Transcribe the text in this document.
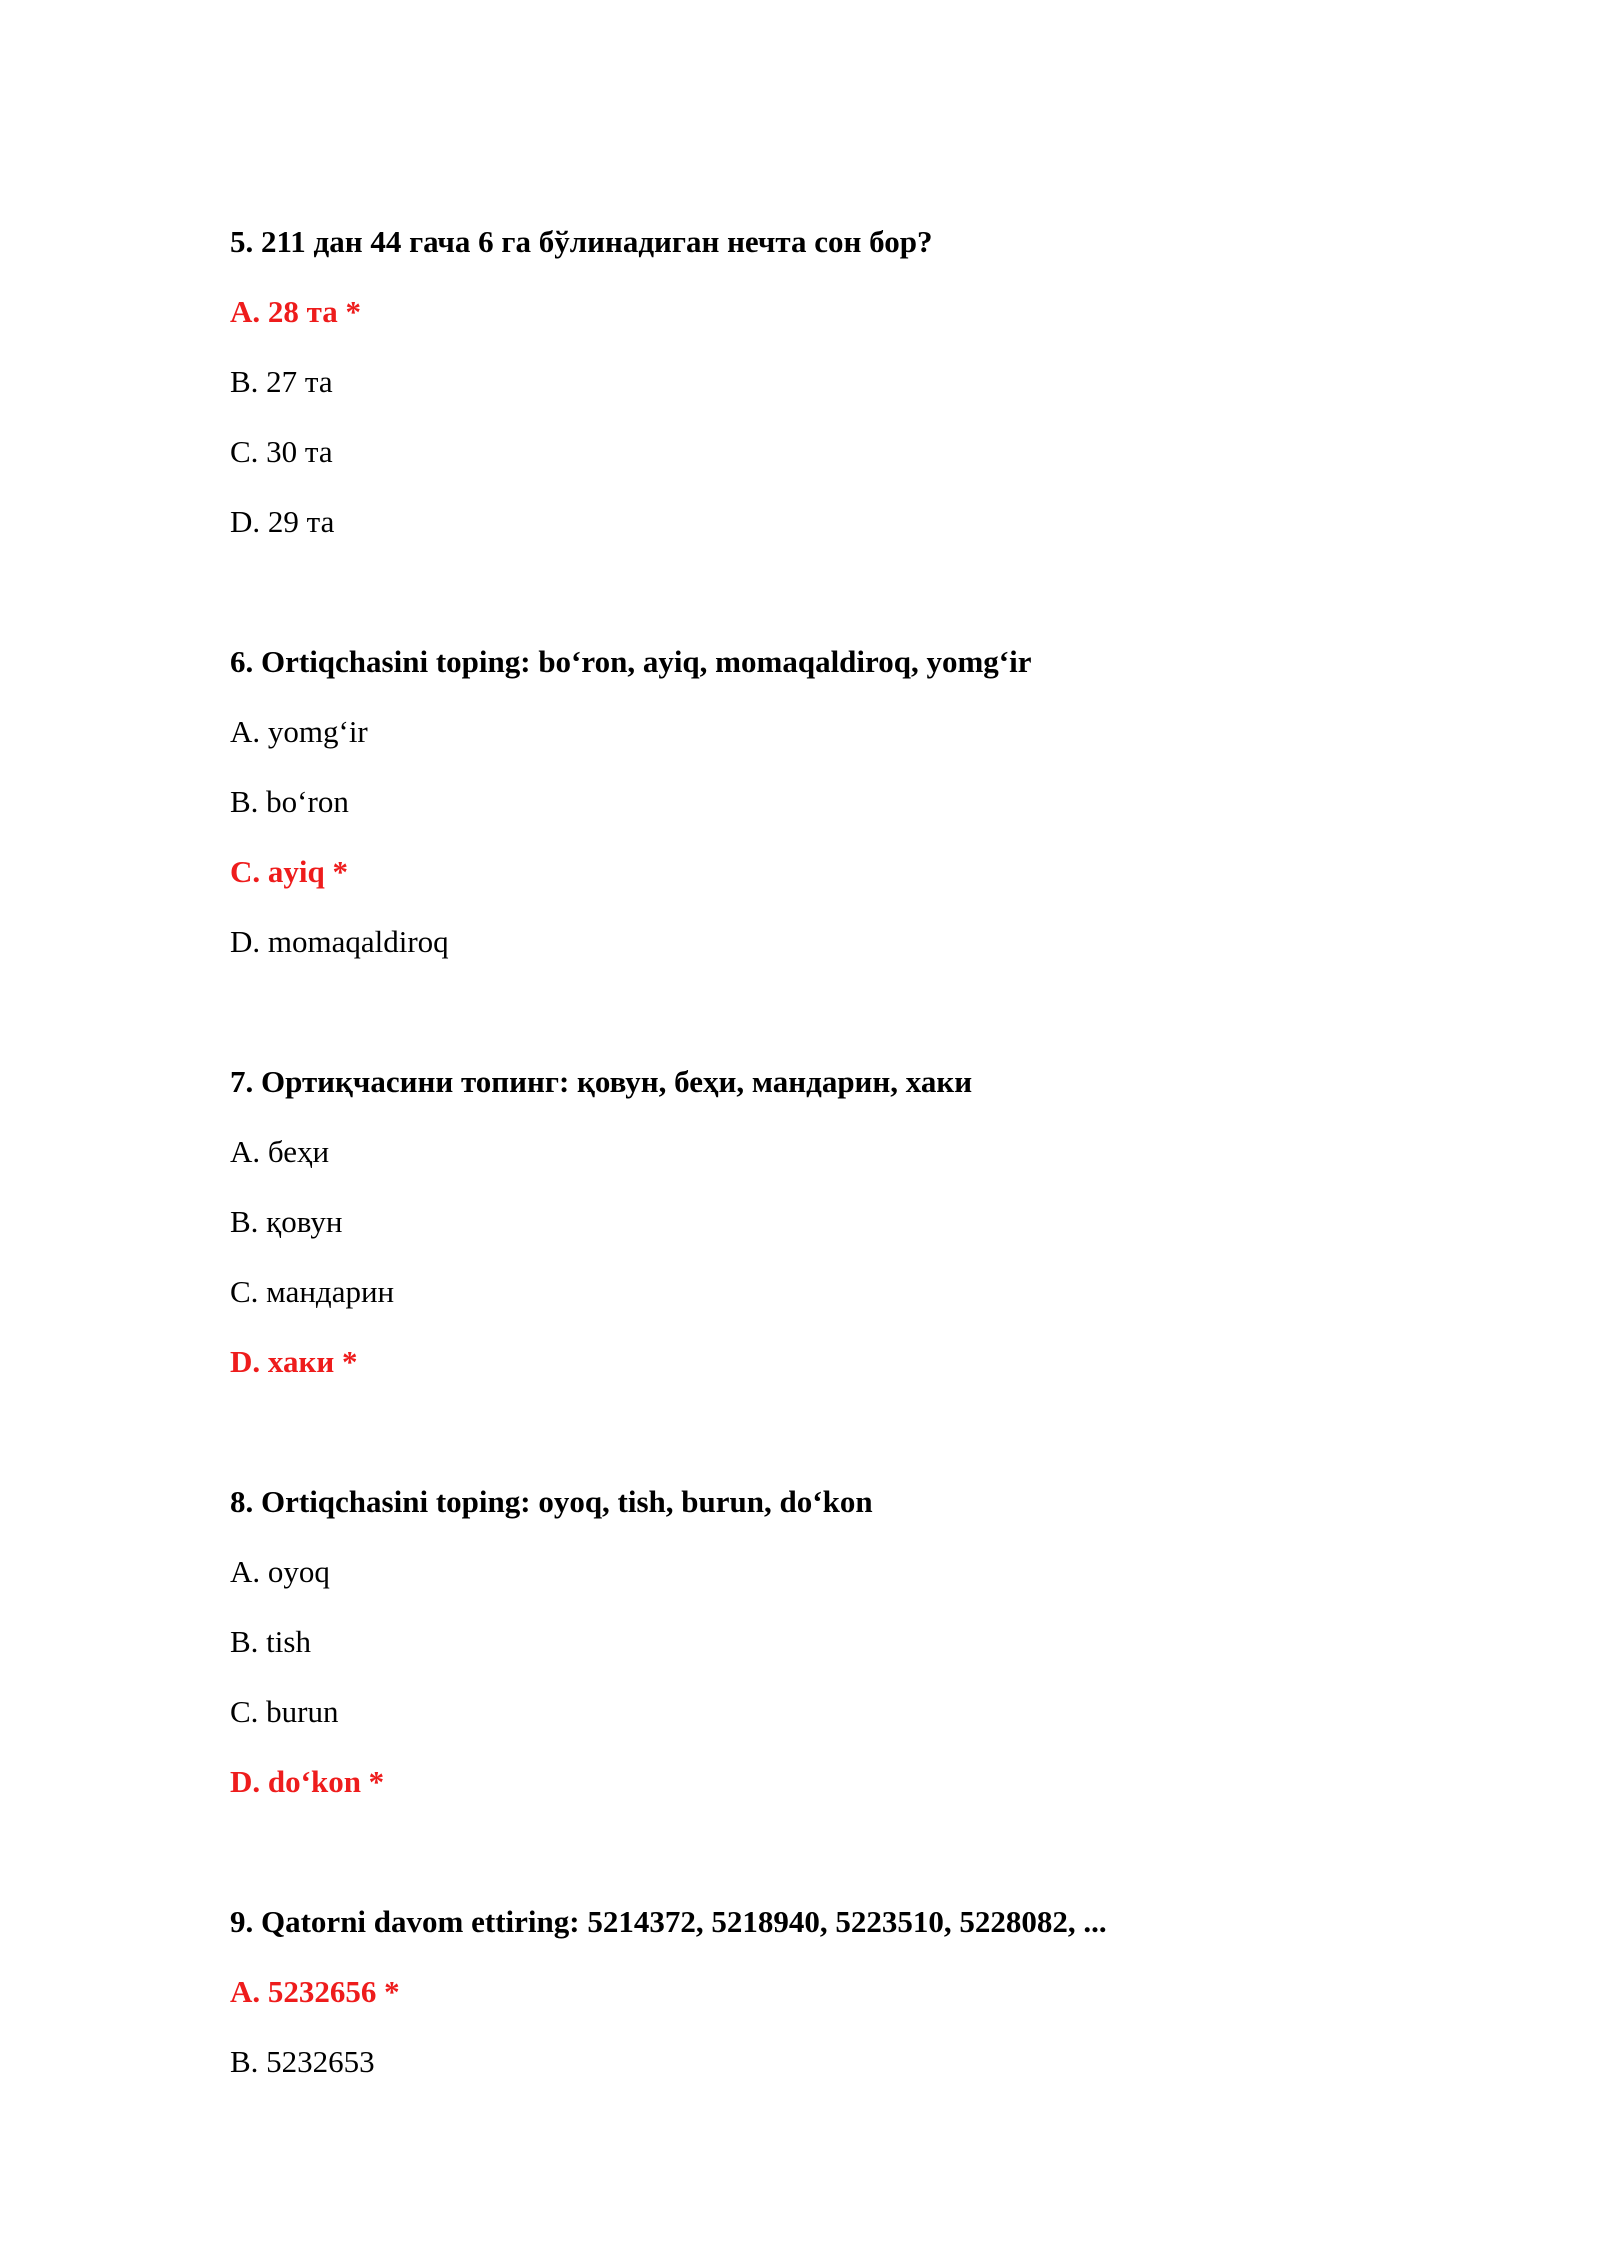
5. 211 дан 44 гача 6 га бўлинадиган нечта сон бор?
A. 28 та *
B. 27 та
C. 30 та
D. 29 та
6. Ortiqchasini toping: bo‘ron, ayiq, momaqaldiroq, yomg‘ir
A. yomg‘ir
B. bo‘ron
C. ayiq *
D. momaqaldiroq
7. Ортиқчасини топинг: қовун, беҳи, мандарин, хаки
A. беҳи
B. қовун
C. мандарин
D. хаки *
8. Ortiqchasini toping: oyoq, tish, burun, do‘kon
A. oyoq
B. tish
C. burun
D. do‘kon *
9. Qatorni davom ettiring: 5214372, 5218940, 5223510, 5228082, ...
A. 5232656 *
B. 5232653
